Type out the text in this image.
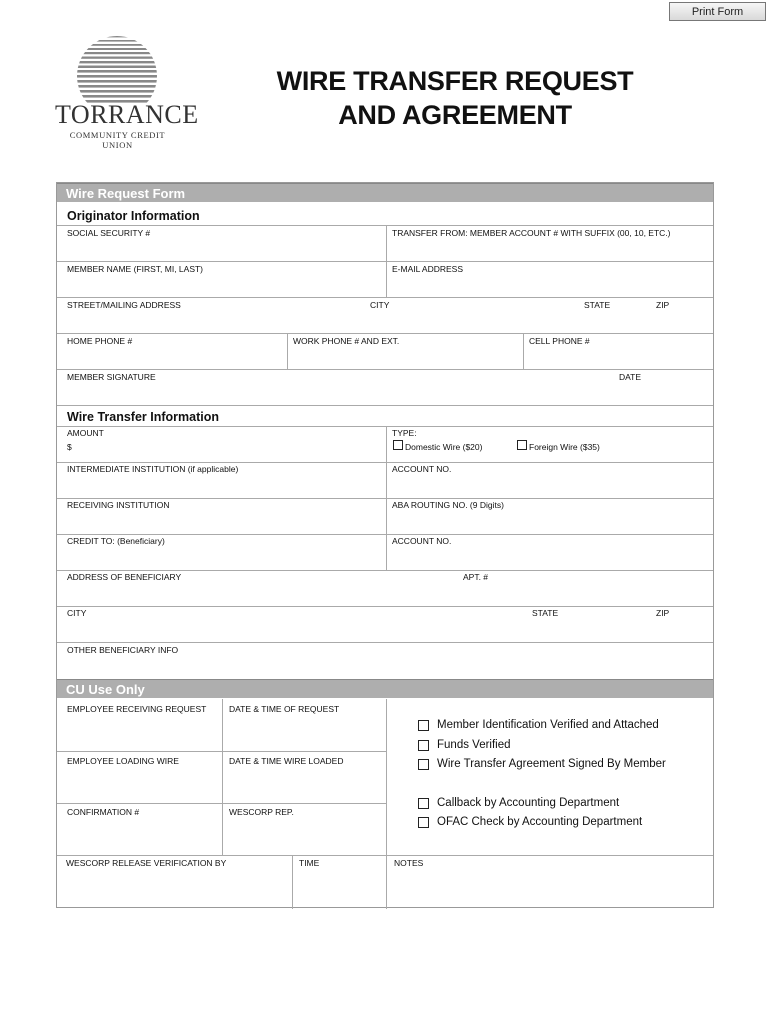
Print Form
TORRANCE
COMMUNITY CREDIT UNION
WIRE TRANSFER REQUEST
AND AGREEMENT
Wire Request Form
Originator Information
SOCIAL SECURITY #	TRANSFER FROM: MEMBER ACCOUNT # WITH SUFFIX (00, 10, ETC.)
MEMBER NAME (FIRST, MI, LAST)	E-MAIL ADDRESS
STREET/MAILING ADDRESS	CITY	STATE	ZIP
HOME PHONE #	WORK PHONE # AND EXT.	CELL PHONE #
MEMBER SIGNATURE	DATE
Wire Transfer Information
AMOUNT
$
TYPE:
Domestic Wire ($20)	Foreign Wire ($35)
INTERMEDIATE INSTITUTION (if applicable)	ACCOUNT NO.
RECEIVING INSTITUTION	ABA ROUTING NO. (9 Digits)
CREDIT TO: (Beneficiary)	ACCOUNT NO.
ADDRESS OF BENEFICIARY	APT. #
CITY	STATE	ZIP
OTHER BENEFICIARY INFO
CU Use Only
EMPLOYEE RECEIVING REQUEST	DATE & TIME OF REQUEST
EMPLOYEE LOADING WIRE	DATE & TIME WIRE LOADED
CONFIRMATION #	WESCORP REP.
Member Identification Verified and Attached
Funds Verified
Wire Transfer Agreement Signed By Member
Callback by Accounting Department
OFAC Check by Accounting Department
WESCORP RELEASE VERIFICATION BY	TIME	NOTES
